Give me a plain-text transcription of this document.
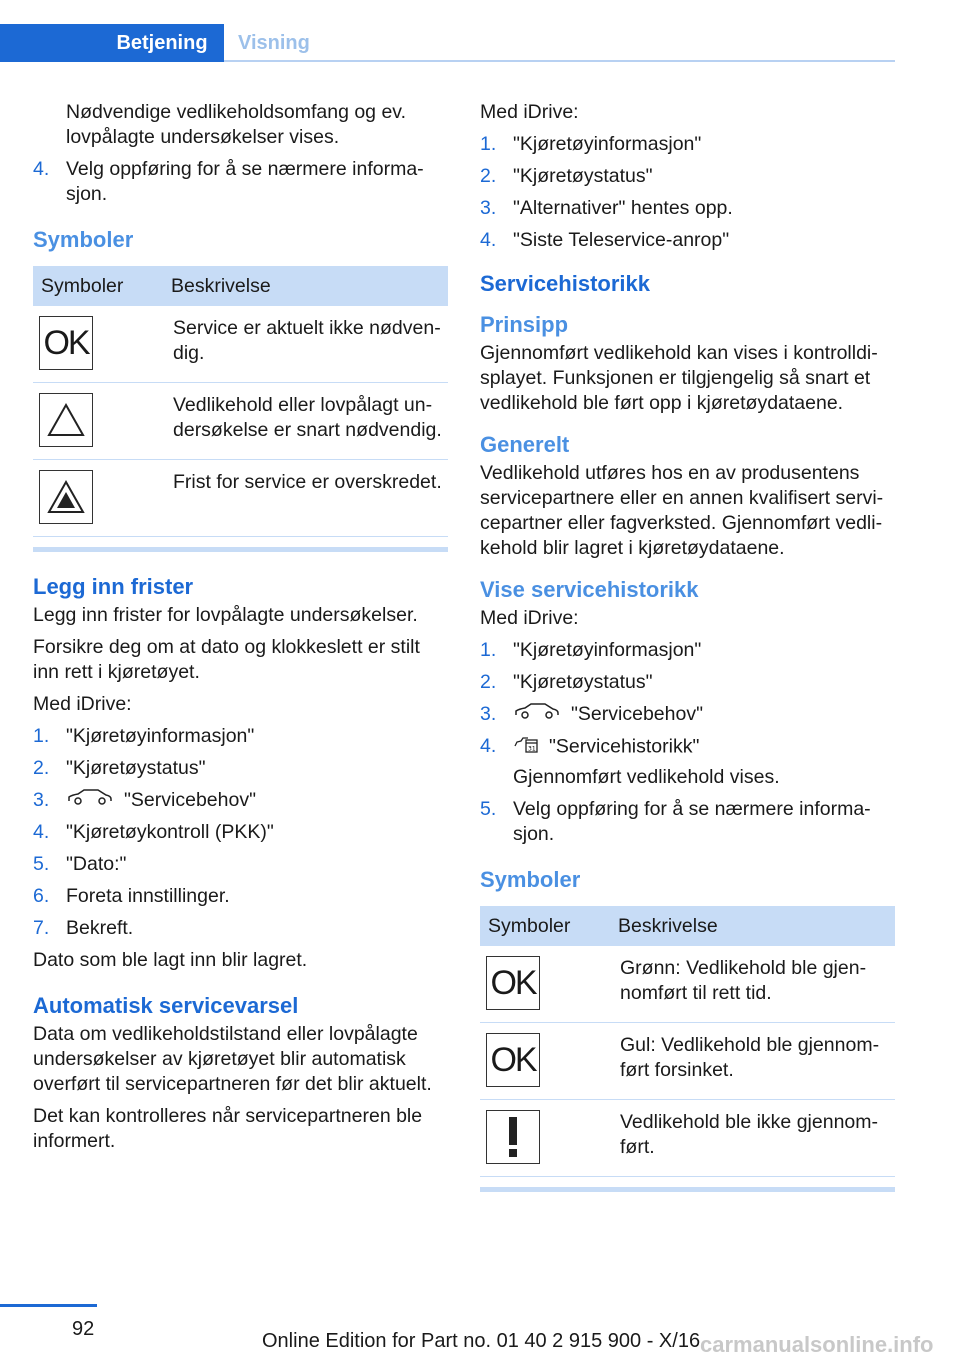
Betjening	Visning

Nødvendige vedlikeholdsomfang og ev. lovpålagte undersøkelser vises.

4. Velg oppføring for å se nærmere informa‐sjon.
Symboler
Symboler	Beskrivelse

OK	Service er aktuelt ikke nødven‐dig.

	Vedlikehold eller lovpålagt un‐dersøkelse er snart nødvendig.

	Frist for service er overskredet.
Legg inn frister

Legg inn frister for lovpålagte undersøkelser.

Forsikre deg om at dato og klokkeslett er stilt inn rett i kjøretøyet.

Med iDrive:

1. "Kjøretøyinformasjon"
2. "Kjøretøystatus"
3.	"Servicebehov"
4. "Kjøretøykontroll (PKK)"
5. "Dato:"
6. Foreta innstillinger.
7. Bekreft.

Dato som ble lagt inn blir lagret.

Automatisk servicevarsel

Data om vedlikeholdstilstand eller lovpålagte undersøkelser av kjøretøyet blir automatisk overført til servicepartneren før det blir aktuelt.

Det kan kontrolleres når servicepartneren ble informert.

Med iDrive:

1. "Kjøretøyinformasjon"
2. "Kjøretøystatus"
3. "Alternativer" hentes opp.
4. "Siste Teleservice-anrop"
Servicehistorikk
Prinsipp

Gjennomført vedlikehold kan vises i kontrolldi‐splayet. Funksjonen er tilgjengelig så snart et vedlikehold ble ført opp i kjøretøydataene.

Generelt

Vedlikehold utføres hos en av produsentens servicepartnere eller en annen kvalifisert servi‐cepartner eller fagverksted. Gjennomført vedli‐kehold blir lagret i kjøretøydataene.

Vise servicehistorikk

Med iDrive:

1. "Kjøretøyinformasjon"
2. "Kjøretøystatus"
3.	"Servicebehov"
4.	31 "Servicehistorikk"

Gjennomført vedlikehold vises.

5. Velg oppføring for å se nærmere informa‐sjon.
Symboler
Symboler	Beskrivelse

OK	Grønn: Vedlikehold ble gjen‐nomført til rett tid.

OK	Gul: Vedlikehold ble gjennom‐ført forsinket.

	Vedlikehold ble ikke gjennom‐ført.
92
Online Edition for Part no. 01 40 2 915 900 - X/16 carmanualsonline.info
